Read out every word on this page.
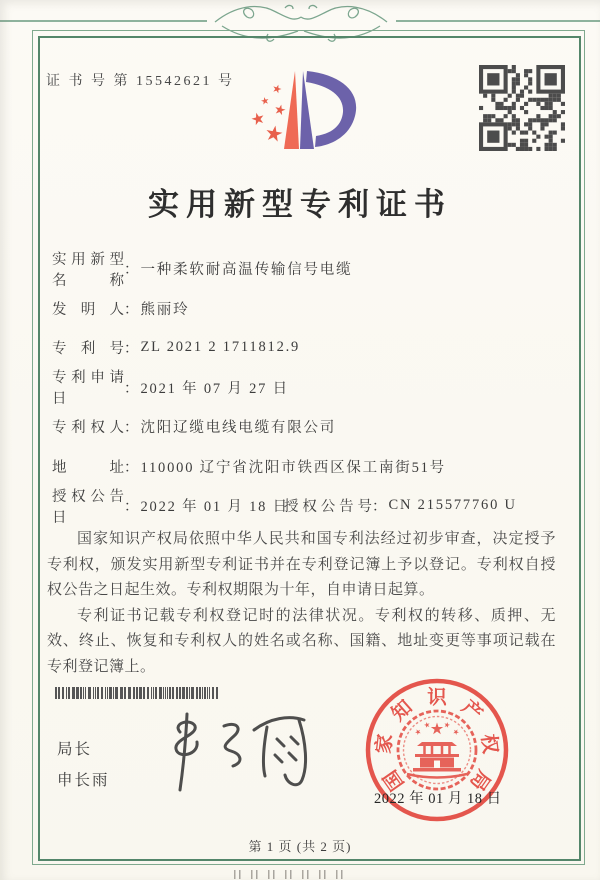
证 书 号 第 15542621 号
实用新型专利证书
实用新型名称
： 一种柔软耐高温传输信号电缆
发明人 ： 熊丽玲
专利号 ： ZL 2021 2 1711812.9
专利申请日
： 2021 年 07 月 27 日
专利权人 ： 沈阳辽缆电线电缆有限公司
地址 ： 110000 辽宁省沈阳市铁西区保工南街51号
授权公告日
： 2022 年 01 月 18 日
授权公告号 ： CN 215577760 U

国家知识产权局依照中华人民共和国专利法经过初步审查，决定授予专利权，颁发实用新型专利证书并在专利登记簿上予以登记。专利权自授权公告之日起生效。专利权期限为十年，自申请日起算。

专利证书记载专利权登记时的法律状况。专利权的转移、质押、无效、终止、恢复和专利权人的姓名或名称、国籍、地址变更等事项记载在专利登记簿上。

局长
申长雨	国
家
知 识 产
权
局
2022 年 01 月 18 日
第 1 页 (共 2 页)
